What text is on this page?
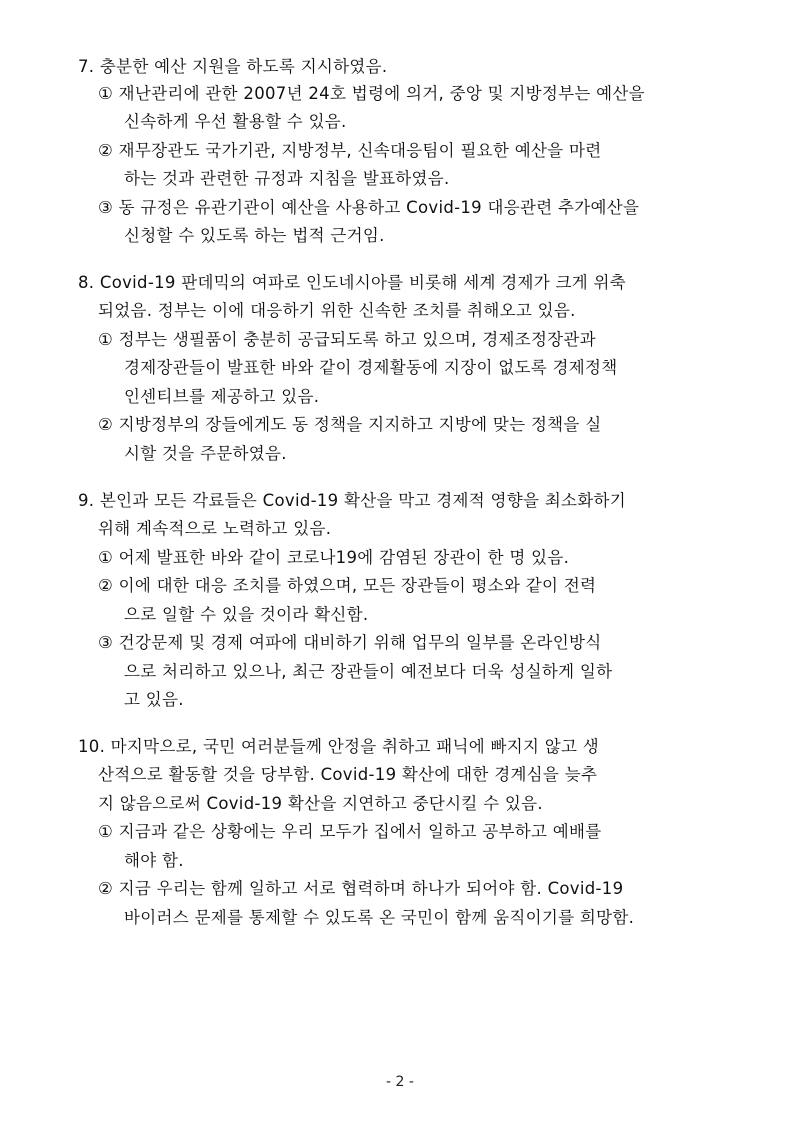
7. 충분한 예산 지원을 하도록 지시하였음.
① 재난관리에 관한 2007년 24호 법령에 의거, 중앙 및 지방정부는 예산을
신속하게 우선 활용할 수 있음.
② 재무장관도 국가기관, 지방정부, 신속대응팀이 필요한 예산을 마련
하는 것과 관련한 규정과 지침을 발표하였음.
③ 동 규정은 유관기관이 예산을 사용하고 Covid-19 대응관련 추가예산을
신청할 수 있도록 하는 법적 근거임.
8. Covid-19 판데믹의 여파로 인도네시아를 비롯해 세계 경제가 크게 위축
되었음. 정부는 이에 대응하기 위한 신속한 조치를 취해오고 있음.
① 정부는 생필품이 충분히 공급되도록 하고 있으며, 경제조정장관과
경제장관들이 발표한 바와 같이 경제활동에 지장이 없도록 경제정책
인센티브를 제공하고 있음.
② 지방정부의 장들에게도 동 정책을 지지하고 지방에 맞는 정책을 실
시할 것을 주문하였음.
9. 본인과 모든 각료들은 Covid-19 확산을 막고 경제적 영향을 최소화하기
위해 계속적으로 노력하고 있음.
① 어제 발표한 바와 같이 코로나19에 감염된 장관이 한 명 있음.
② 이에 대한 대응 조치를 하였으며, 모든 장관들이 평소와 같이 전력
으로 일할 수 있을 것이라 확신함.
③ 건강문제 및 경제 여파에 대비하기 위해 업무의 일부를 온라인방식
으로 처리하고 있으나, 최근 장관들이 예전보다 더욱 성실하게 일하
고 있음.
10. 마지막으로, 국민 여러분들께 안정을 취하고 패닉에 빠지지 않고 생
산적으로 활동할 것을 당부함. Covid-19 확산에 대한 경계심을 늦추
지 않음으로써 Covid-19 확산을 지연하고 중단시킬 수 있음.
① 지금과 같은 상황에는 우리 모두가 집에서 일하고 공부하고 예배를
해야 함.
② 지금 우리는 함께 일하고 서로 협력하며 하나가 되어야 함. Covid-19
바이러스 문제를 통제할 수 있도록 온 국민이 함께 움직이기를 희망함.
- 2 -
